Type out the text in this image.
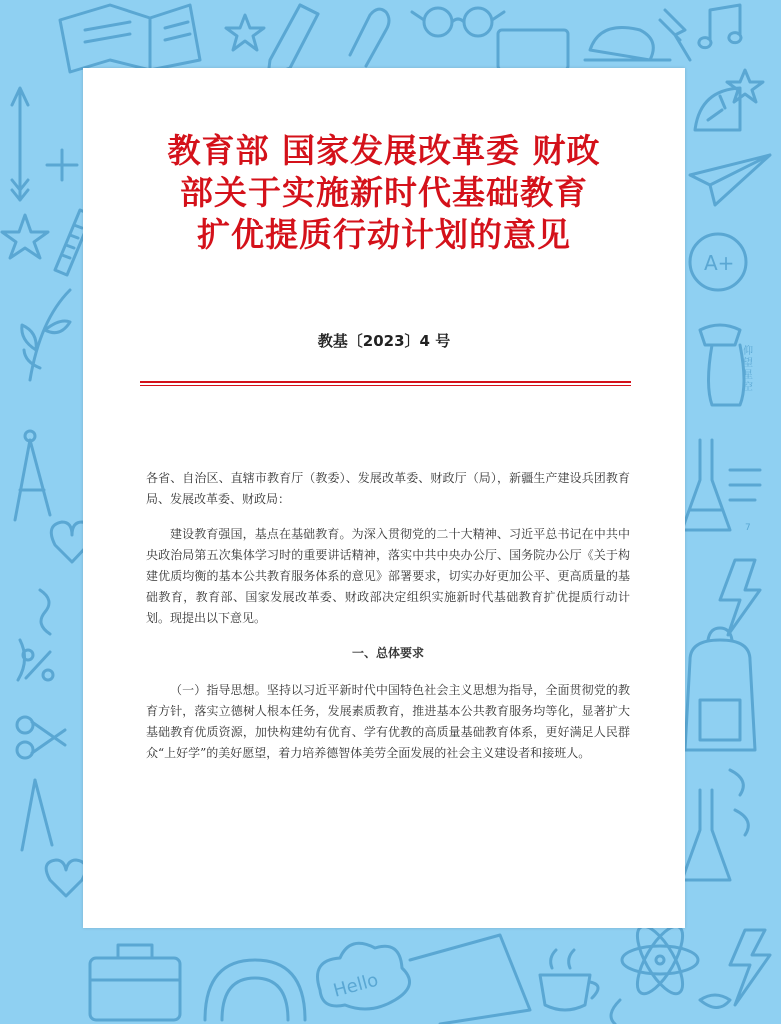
Hello
A+
仰望星空
7
教育部 国家发展改革委 财政
部关于实施新时代基础教育
扩优提质行动计划的意见
教基〔2023〕4 号

各省、自治区、直辖市教育厅（教委）、发展改革委、财政厅（局），新疆生产建设兵团教育局、发展改革委、财政局：

建设教育强国，基点在基础教育。为深入贯彻党的二十大精神、习近平总书记在中共中央政治局第五次集体学习时的重要讲话精神，落实中共中央办公厅、国务院办公厅《关于构建优质均衡的基本公共教育服务体系的意见》部署要求，切实办好更加公平、更高质量的基础教育，教育部、国家发展改革委、财政部决定组织实施新时代基础教育扩优提质行动计划。现提出以下意见。

一、总体要求

（一）指导思想。坚持以习近平新时代中国特色社会主义思想为指导，全面贯彻党的教育方针，落实立德树人根本任务，发展素质教育，推进基本公共教育服务均等化，显著扩大基础教育优质资源，加快构建幼有优育、学有优教的高质量基础教育体系，更好满足人民群众“上好学”的美好愿望，着力培养德智体美劳全面发展的社会主义建设者和接班人。
